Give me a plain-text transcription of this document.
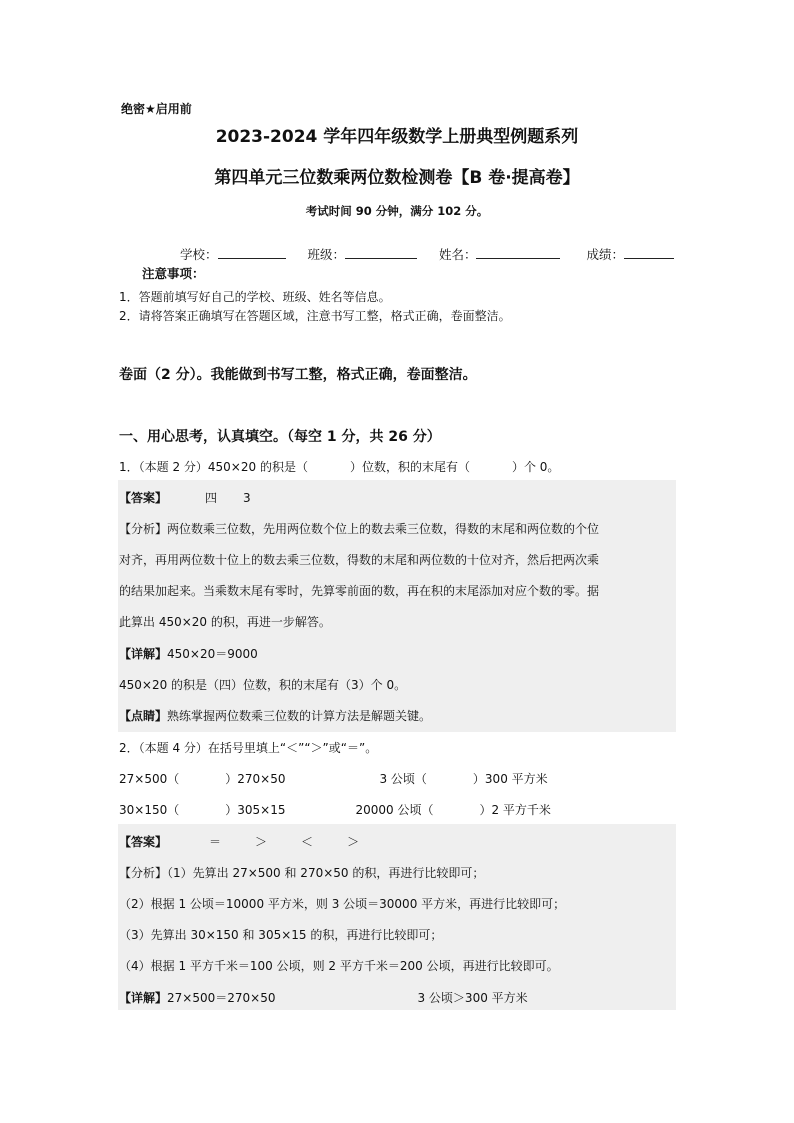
绝密★启用前
2023-2024 学年四年级数学上册典型例题系列
第四单元三位数乘两位数检测卷【B 卷·提高卷】
考试时间 90 分钟，满分 102 分。
学校：	班级：	姓名：	成绩：
注意事项：
1．答题前填写好自己的学校、班级、姓名等信息。
2．请将答案正确填写在答题区域，注意书写工整，格式正确，卷面整洁。
卷面（2 分）。我能做到书写工整，格式正确，卷面整洁。
一、用心思考，认真填空。（每空 1 分，共 26 分）
1．（本题 2 分）450×20 的积是（	）位数，积的末尾有（	）个 0。
【答案】	四 3
【分析】两位数乘三位数，先用两位数个位上的数去乘三位数，得数的末尾和两位数的个位
对齐，再用两位数十位上的数去乘三位数，得数的末尾和两位数的十位对齐，然后把两次乘
的结果加起来。当乘数末尾有零时，先算零前面的数，再在积的末尾添加对应个数的零。据
此算出 450×20 的积，再进一步解答。
【详解】450×20＝9000
450×20 的积是（四）位数，积的末尾有（3）个 0。
【点睛】熟练掌握两位数乘三位数的计算方法是解题关键。
2．（本题 4 分）在括号里填上“＜”“＞”或“＝”。
27×500（	）270×50	3 公顷（	）300 平方米
30×150（	）305×15	20000 公顷（	）2 平方千米
【答案】	＝	＞	＜	＞
【分析】（1）先算出 27×500 和 270×50 的积，再进行比较即可；
（2）根据 1 公顷＝10000 平方米，则 3 公顷＝30000 平方米，再进行比较即可；
（3）先算出 30×150 和 305×15 的积，再进行比较即可；
（4）根据 1 平方千米＝100 公顷，则 2 平方千米＝200 公顷，再进行比较即可。
【详解】27×500＝270×50	3 公顷＞300 平方米
